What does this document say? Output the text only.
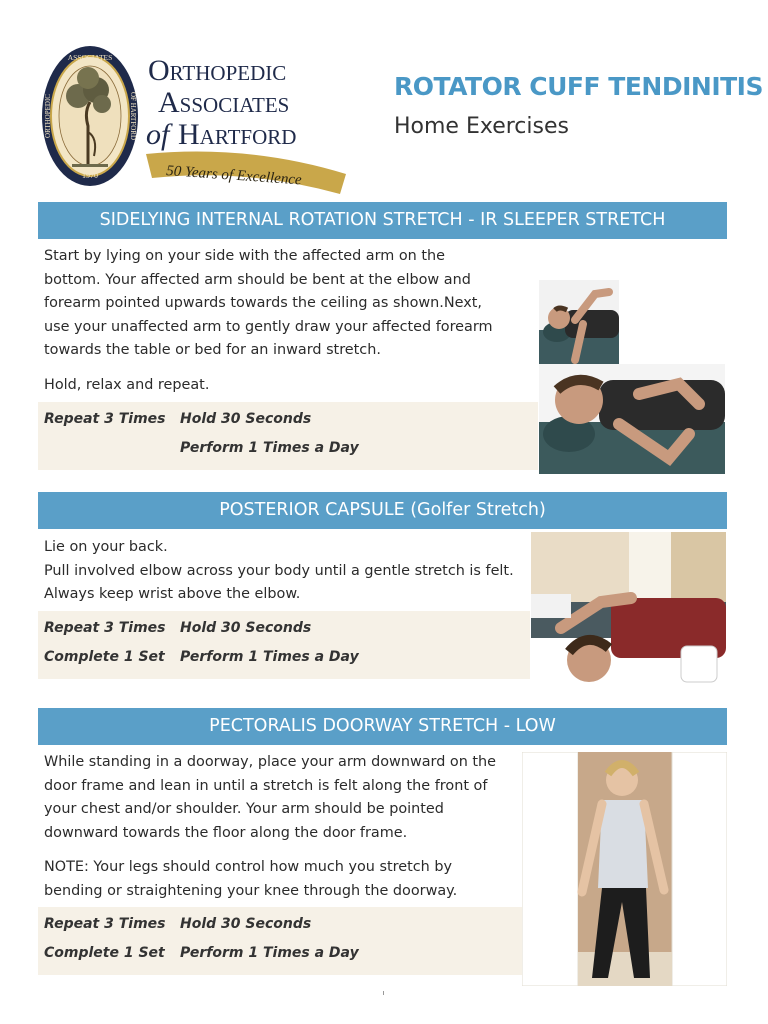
ASSOCIATES
ORTHOPEDIC	OF HARTFORD
1970
Orthopedic
Associates
of Hartford
50 Years of Excellence
ROTATOR CUFF TENDINITIS
Home Exercises
SIDELYING INTERNAL ROTATION STRETCH - IR SLEEPER STRETCH

Start by lying on your side with the affected arm on the bottom. Your affected arm should be bent at the elbow and forearm pointed upwards towards the ceiling as shown.Next, use your unaffected arm to gently draw your affected forearm towards the table or bed for an inward stretch.

Hold, relax and repeat.

Repeat 3 Times Hold 30 Seconds
Perform 1 Times a Day
POSTERIOR CAPSULE (Golfer Stretch)

Lie on your back.

Pull involved elbow across your body until a gentle stretch is felt.

Always keep wrist above the elbow.

Repeat 3 Times Hold 30 Seconds
Complete 1 Set Perform 1 Times a Day
PECTORALIS DOORWAY STRETCH - LOW

While standing in a doorway, place your arm downward on the door frame and lean in until a stretch is felt along the front of your chest and/or shoulder. Your arm should be pointed downward towards the floor along the door frame.

NOTE: Your legs should control how much you stretch by bending or straightening your knee through the doorway.

Repeat 3 Times Hold 30 Seconds
Complete 1 Set Perform 1 Times a Day
